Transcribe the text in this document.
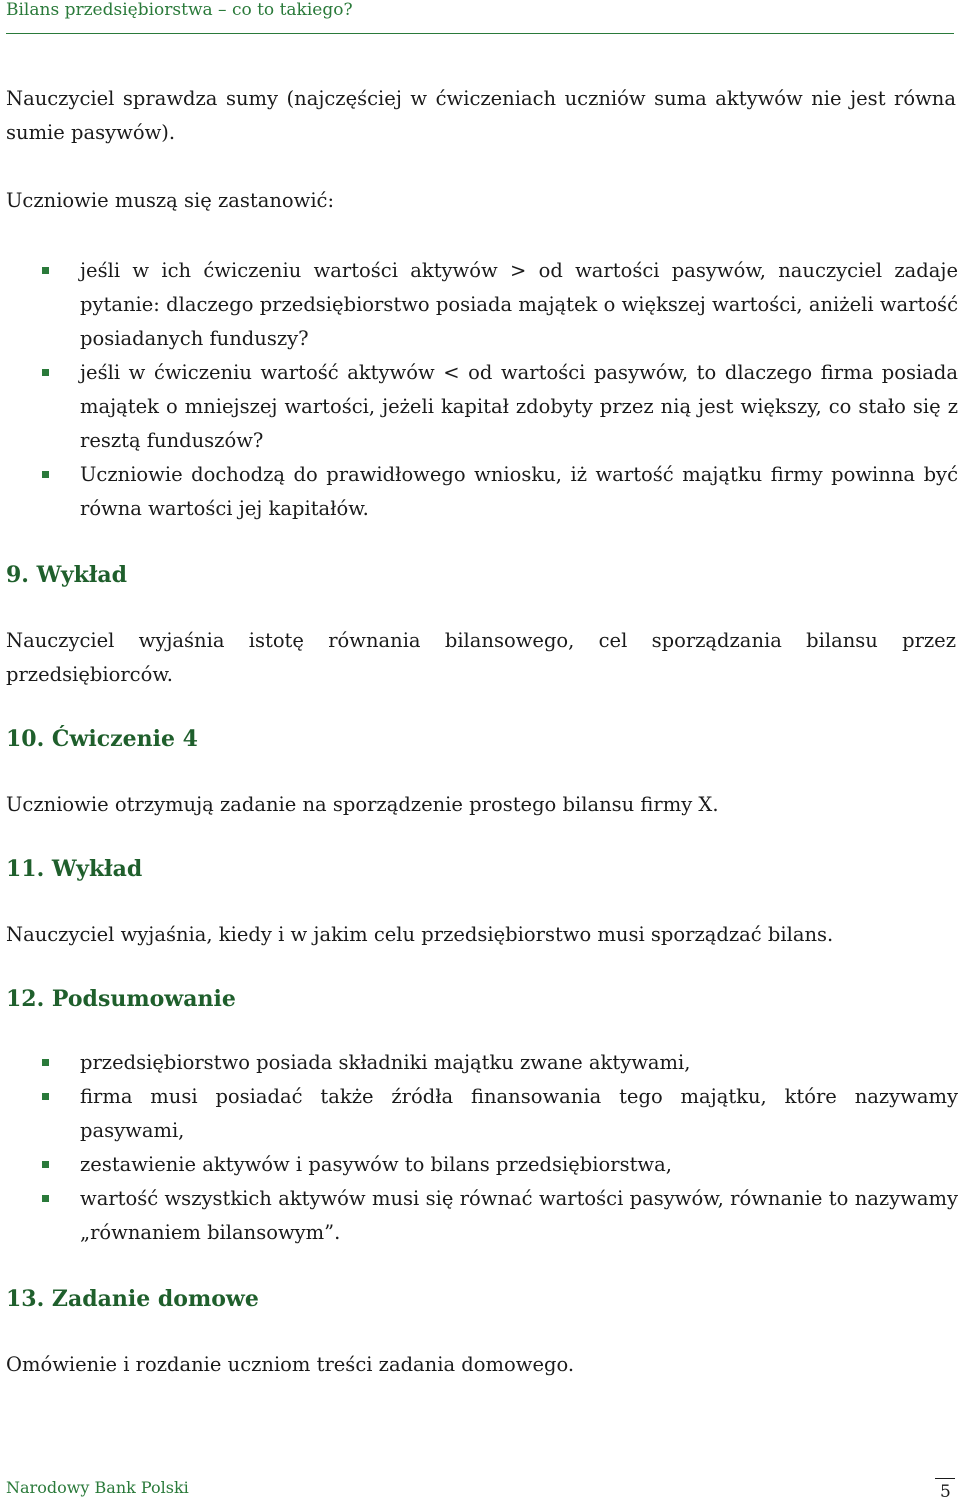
Bilans przedsiębiorstwa – co to takiego?
Nauczyciel sprawdza sumy (najczęściej w ćwiczeniach uczniów suma aktywów nie jest równa sumie pasywów).
Uczniowie muszą się zastanowić:
jeśli w ich ćwiczeniu wartości aktywów > od wartości pasywów, nauczyciel zadaje pytanie: dlaczego przedsiębiorstwo posiada majątek o większej wartości, aniżeli wartość posiadanych funduszy?
jeśli w ćwiczeniu wartość aktywów < od wartości pasywów, to dlaczego firma posiada majątek o mniejszej wartości, jeżeli kapitał zdobyty przez nią jest większy, co stało się z resztą funduszów?
Uczniowie dochodzą do prawidłowego wniosku, iż wartość majątku firmy powinna być równa wartości jej kapitałów.
9. Wykład
Nauczyciel wyjaśnia istotę równania bilansowego, cel sporządzania bilansu przez przedsiębiorców.
10. Ćwiczenie 4
Uczniowie otrzymują zadanie na sporządzenie prostego bilansu firmy X.
11. Wykład
Nauczyciel wyjaśnia, kiedy i w jakim celu przedsiębiorstwo musi sporządzać bilans.
12. Podsumowanie
przedsiębiorstwo posiada składniki majątku zwane aktywami,
firma musi posiadać także źródła finansowania tego majątku, które nazywamy pasywami,
zestawienie aktywów i pasywów to bilans przedsiębiorstwa,
wartość wszystkich aktywów musi się równać wartości pasywów, równanie to nazywamy „równaniem bilansowym”.
13. Zadanie domowe
Omówienie i rozdanie uczniom treści zadania domowego.
Narodowy Bank Polski	5
